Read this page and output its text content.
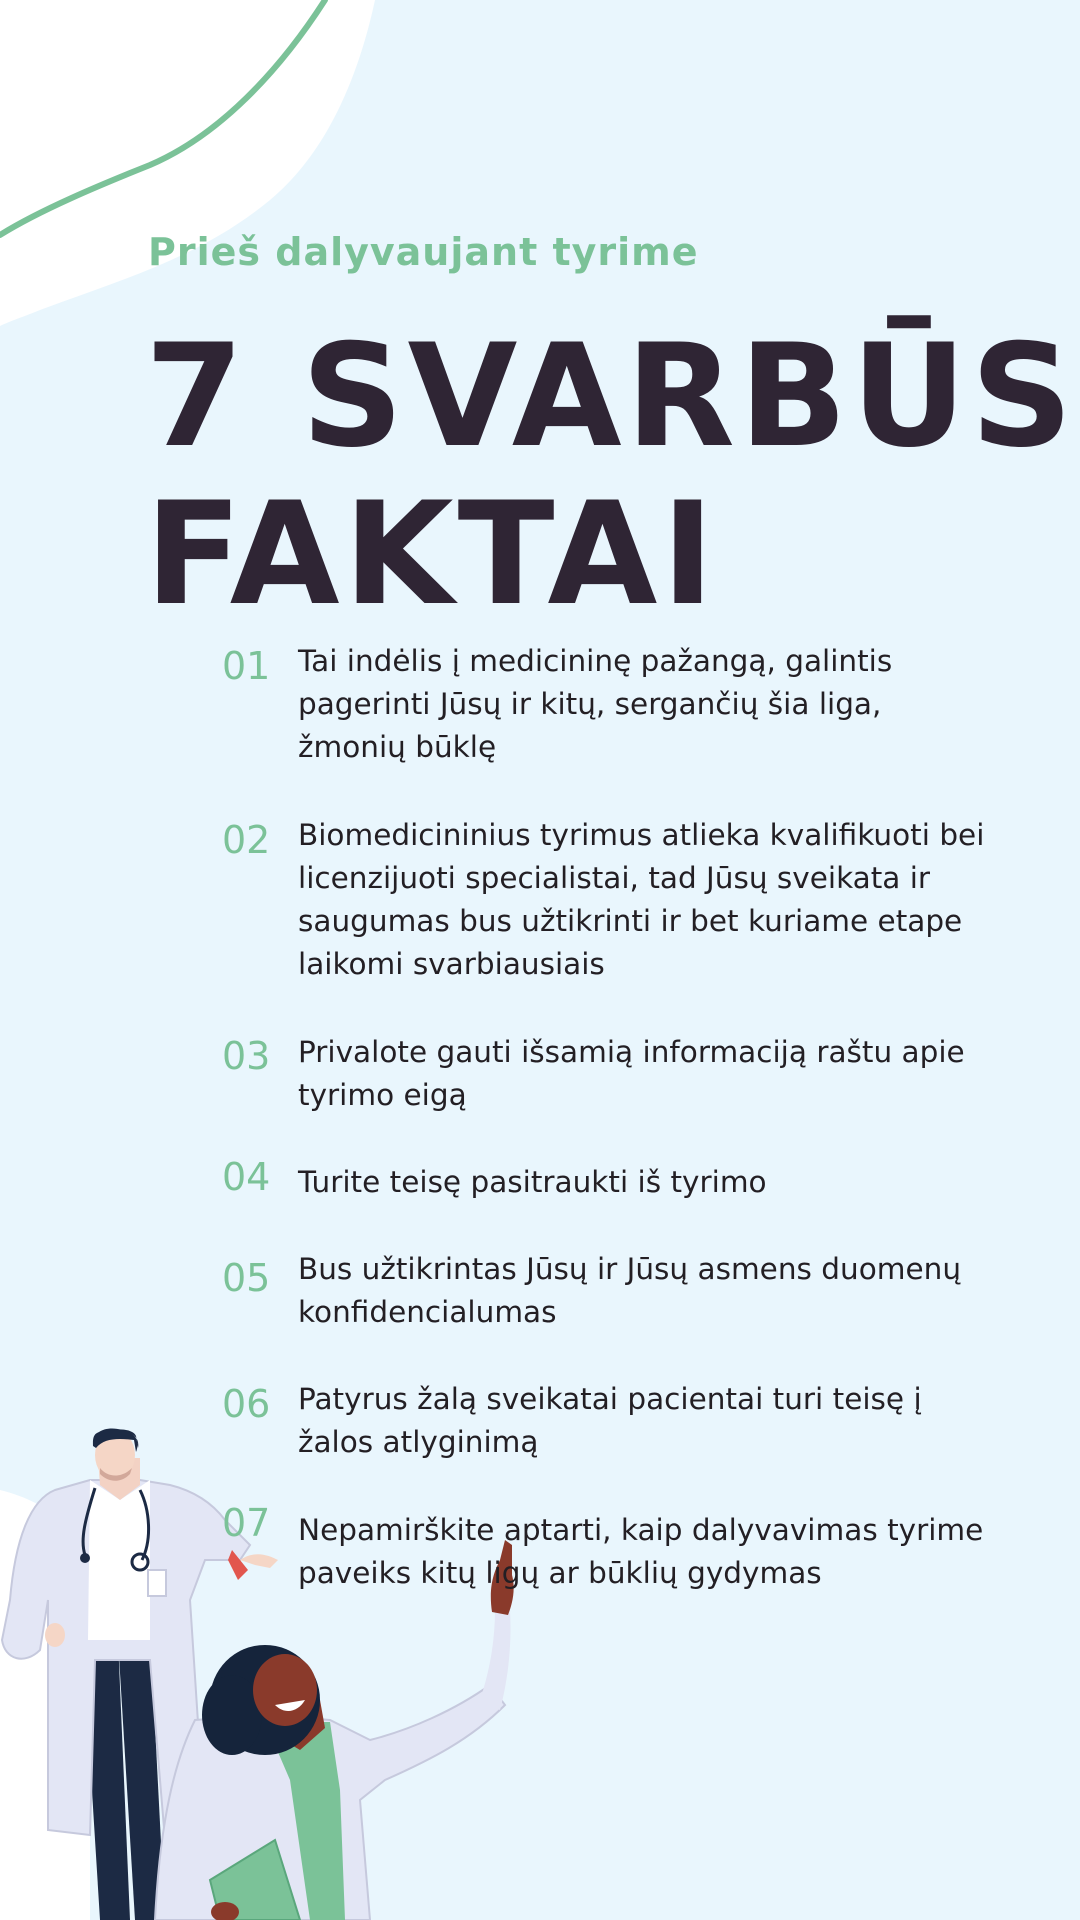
Prieš dalyvaujant tyrime

7 SVARBŪS
FAKTAI
01 Tai indėlis į medicininę pažangą, galintis pagerinti Jūsų ir kitų, sergančių šia liga, žmonių būklę

02 Biomedicininius tyrimus atlieka kvalifikuoti bei licenzijuoti specialistai, tad Jūsų sveikata ir saugumas bus užtikrinti ir bet kuriame etape laikomi svarbiausiais

03 Privalote gauti išsamią informaciją raštu apie tyrimo eigą

04 Turite teisę pasitraukti iš tyrimo

05 Bus užtikrintas Jūsų ir Jūsų asmens duomenų konfidencialumas

06 Patyrus žalą sveikatai pacientai turi teisę į žalos atlyginimą

07 Nepamirškite aptarti, kaip dalyvavimas tyrime paveiks kitų ligų ar būklių gydymas
